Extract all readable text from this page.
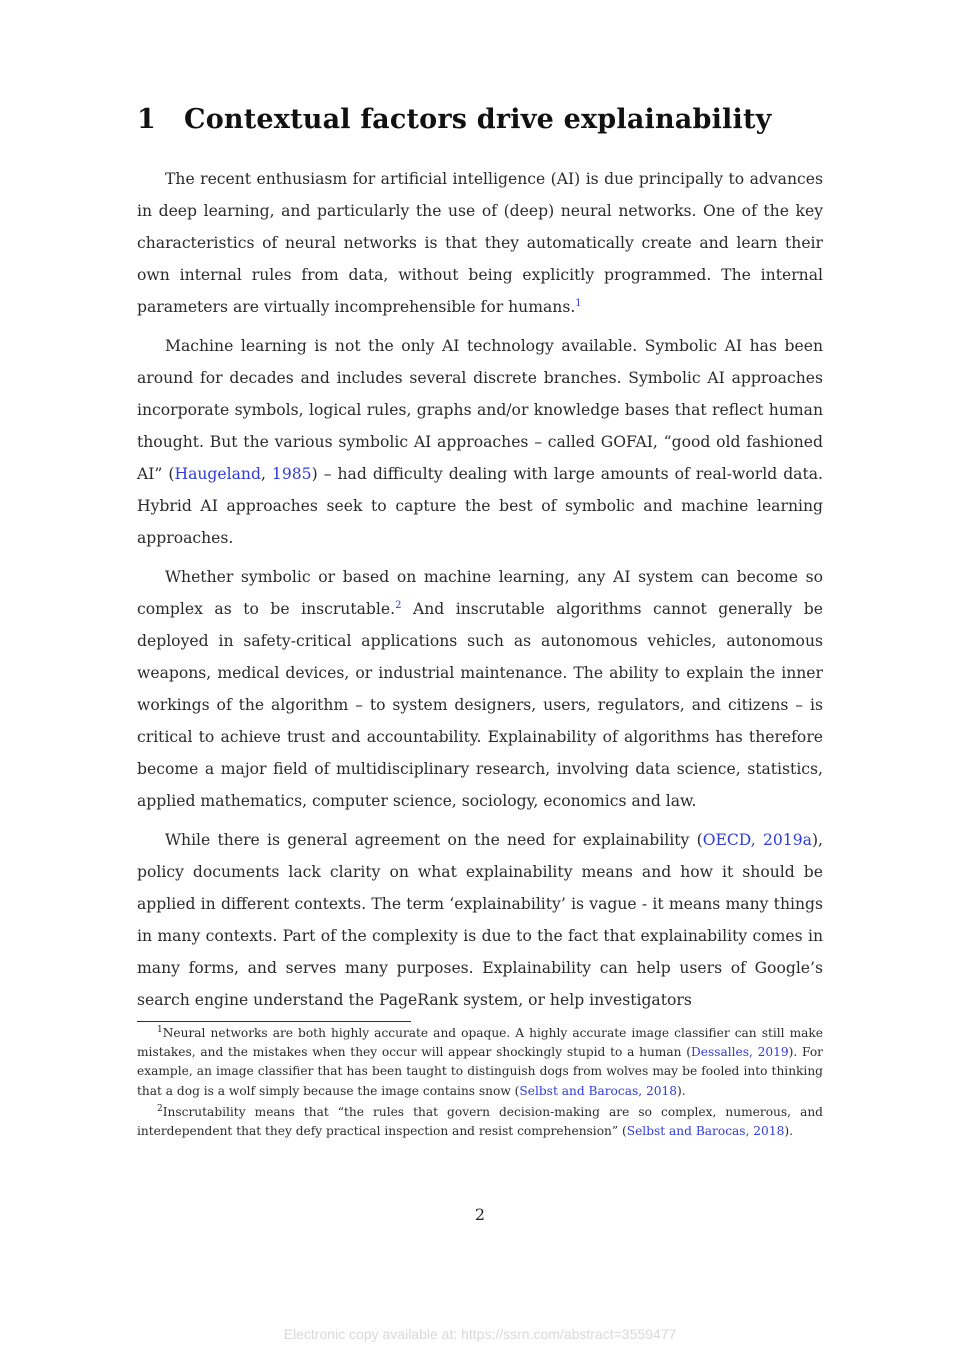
1 Contextual factors drive explainability

The recent enthusiasm for artificial intelligence (AI) is due principally to advances in deep learning, and particularly the use of (deep) neural networks. One of the key characteristics of neural networks is that they automatically create and learn their own internal rules from data, without being explicitly programmed. The internal parameters are virtually incomprehensible for humans.$^1$

Machine learning is not the only AI technology available. Symbolic AI has been around for decades and includes several discrete branches. Symbolic AI approaches incorporate symbols, logical rules, graphs and/or knowledge bases that reflect human thought. But the various symbolic AI approaches – called GOFAI, “good old fashioned AI” (Haugeland, 1985) – had difficulty dealing with large amounts of real-world data. Hybrid AI approaches seek to capture the best of symbolic and machine learning approaches.

Whether symbolic or based on machine learning, any AI system can become so complex as to be inscrutable.$^2$ And inscrutable algorithms cannot generally be deployed in safety-critical applications such as autonomous vehicles, autonomous weapons, medical devices, or industrial maintenance. The ability to explain the inner workings of the algorithm – to system designers, users, regulators, and citizens – is critical to achieve trust and accountability. Explainability of algorithms has therefore become a major field of multidisciplinary research, involving data science, statistics, applied mathematics, computer science, sociology, economics and law.

While there is general agreement on the need for explainability (OECD, 2019a), policy documents lack clarity on what explainability means and how it should be applied in different contexts. The term ‘explainability’ is vague - it means many things in many contexts. Part of the complexity is due to the fact that explainability comes in many forms, and serves many purposes. Explainability can help users of Google’s search engine understand the PageRank system, or help investigators

$^1$Neural networks are both highly accurate and opaque. A highly accurate image classifier can still make mistakes, and the mistakes when they occur will appear shockingly stupid to a human (Dessalles, 2019). For example, an image classifier that has been taught to distinguish dogs from wolves may be fooled into thinking that a dog is a wolf simply because the image contains snow (Selbst and Barocas, 2018).

$^2$Inscrutability means that “the rules that govern decision-making are so complex, numerous, and interdependent that they defy practical inspection and resist comprehension” (Selbst and Barocas, 2018).

2
Electronic copy available at: https://ssrn.com/abstract=3559477
